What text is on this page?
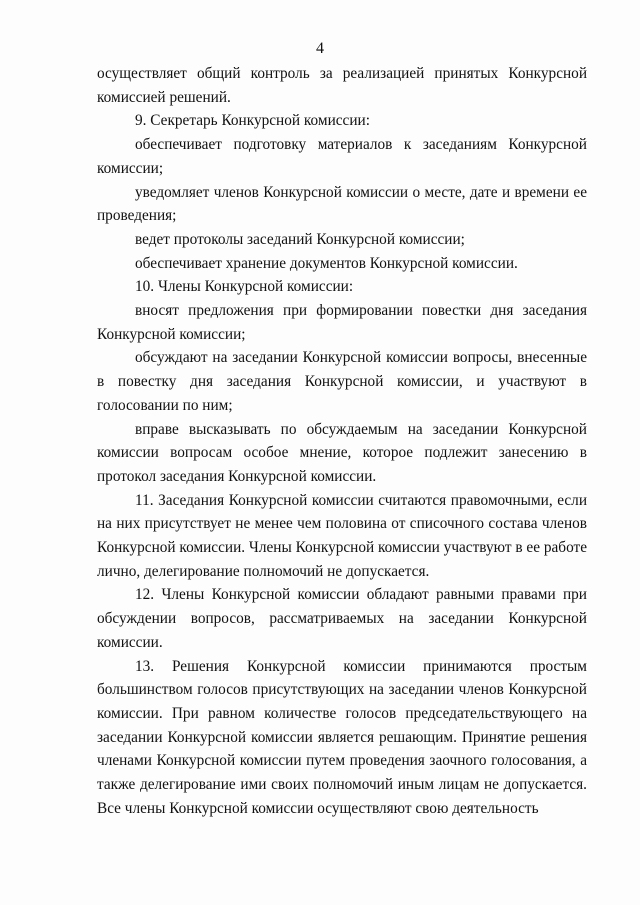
4

осуществляет общий контроль за реализацией принятых Конкурсной комиссией решений.

9. Секретарь Конкурсной комиссии:

обеспечивает подготовку материалов к заседаниям Конкурсной комиссии;

уведомляет членов Конкурсной комиссии о месте, дате и времени ее проведения;

ведет протоколы заседаний Конкурсной комиссии;

обеспечивает хранение документов Конкурсной комиссии.

10. Члены Конкурсной комиссии:

вносят предложения при формировании повестки дня заседания Конкурсной комиссии;

обсуждают на заседании Конкурсной комиссии вопросы, внесенные в повестку дня заседания Конкурсной комиссии, и участвуют в голосовании по ним;

вправе высказывать по обсуждаемым на заседании Конкурсной комиссии вопросам особое мнение, которое подлежит занесению в протокол заседания Конкурсной комиссии.

11. Заседания Конкурсной комиссии считаются правомочными, если на них присутствует не менее чем половина от списочного состава членов Конкурсной комиссии. Члены Конкурсной комиссии участвуют в ее работе лично, делегирование полномочий не допускается.

12. Члены Конкурсной комиссии обладают равными правами при обсуждении вопросов, рассматриваемых на заседании Конкурсной комиссии.

13. Решения Конкурсной комиссии принимаются простым большинством голосов присутствующих на заседании членов Конкурсной комиссии. При равном количестве голосов председательствующего на заседании Конкурсной комиссии является решающим. Принятие решения членами Конкурсной комиссии путем проведения заочного голосования, а также делегирование ими своих полномочий иным лицам не допускается. Все члены Конкурсной комиссии осуществляют свою деятельность
